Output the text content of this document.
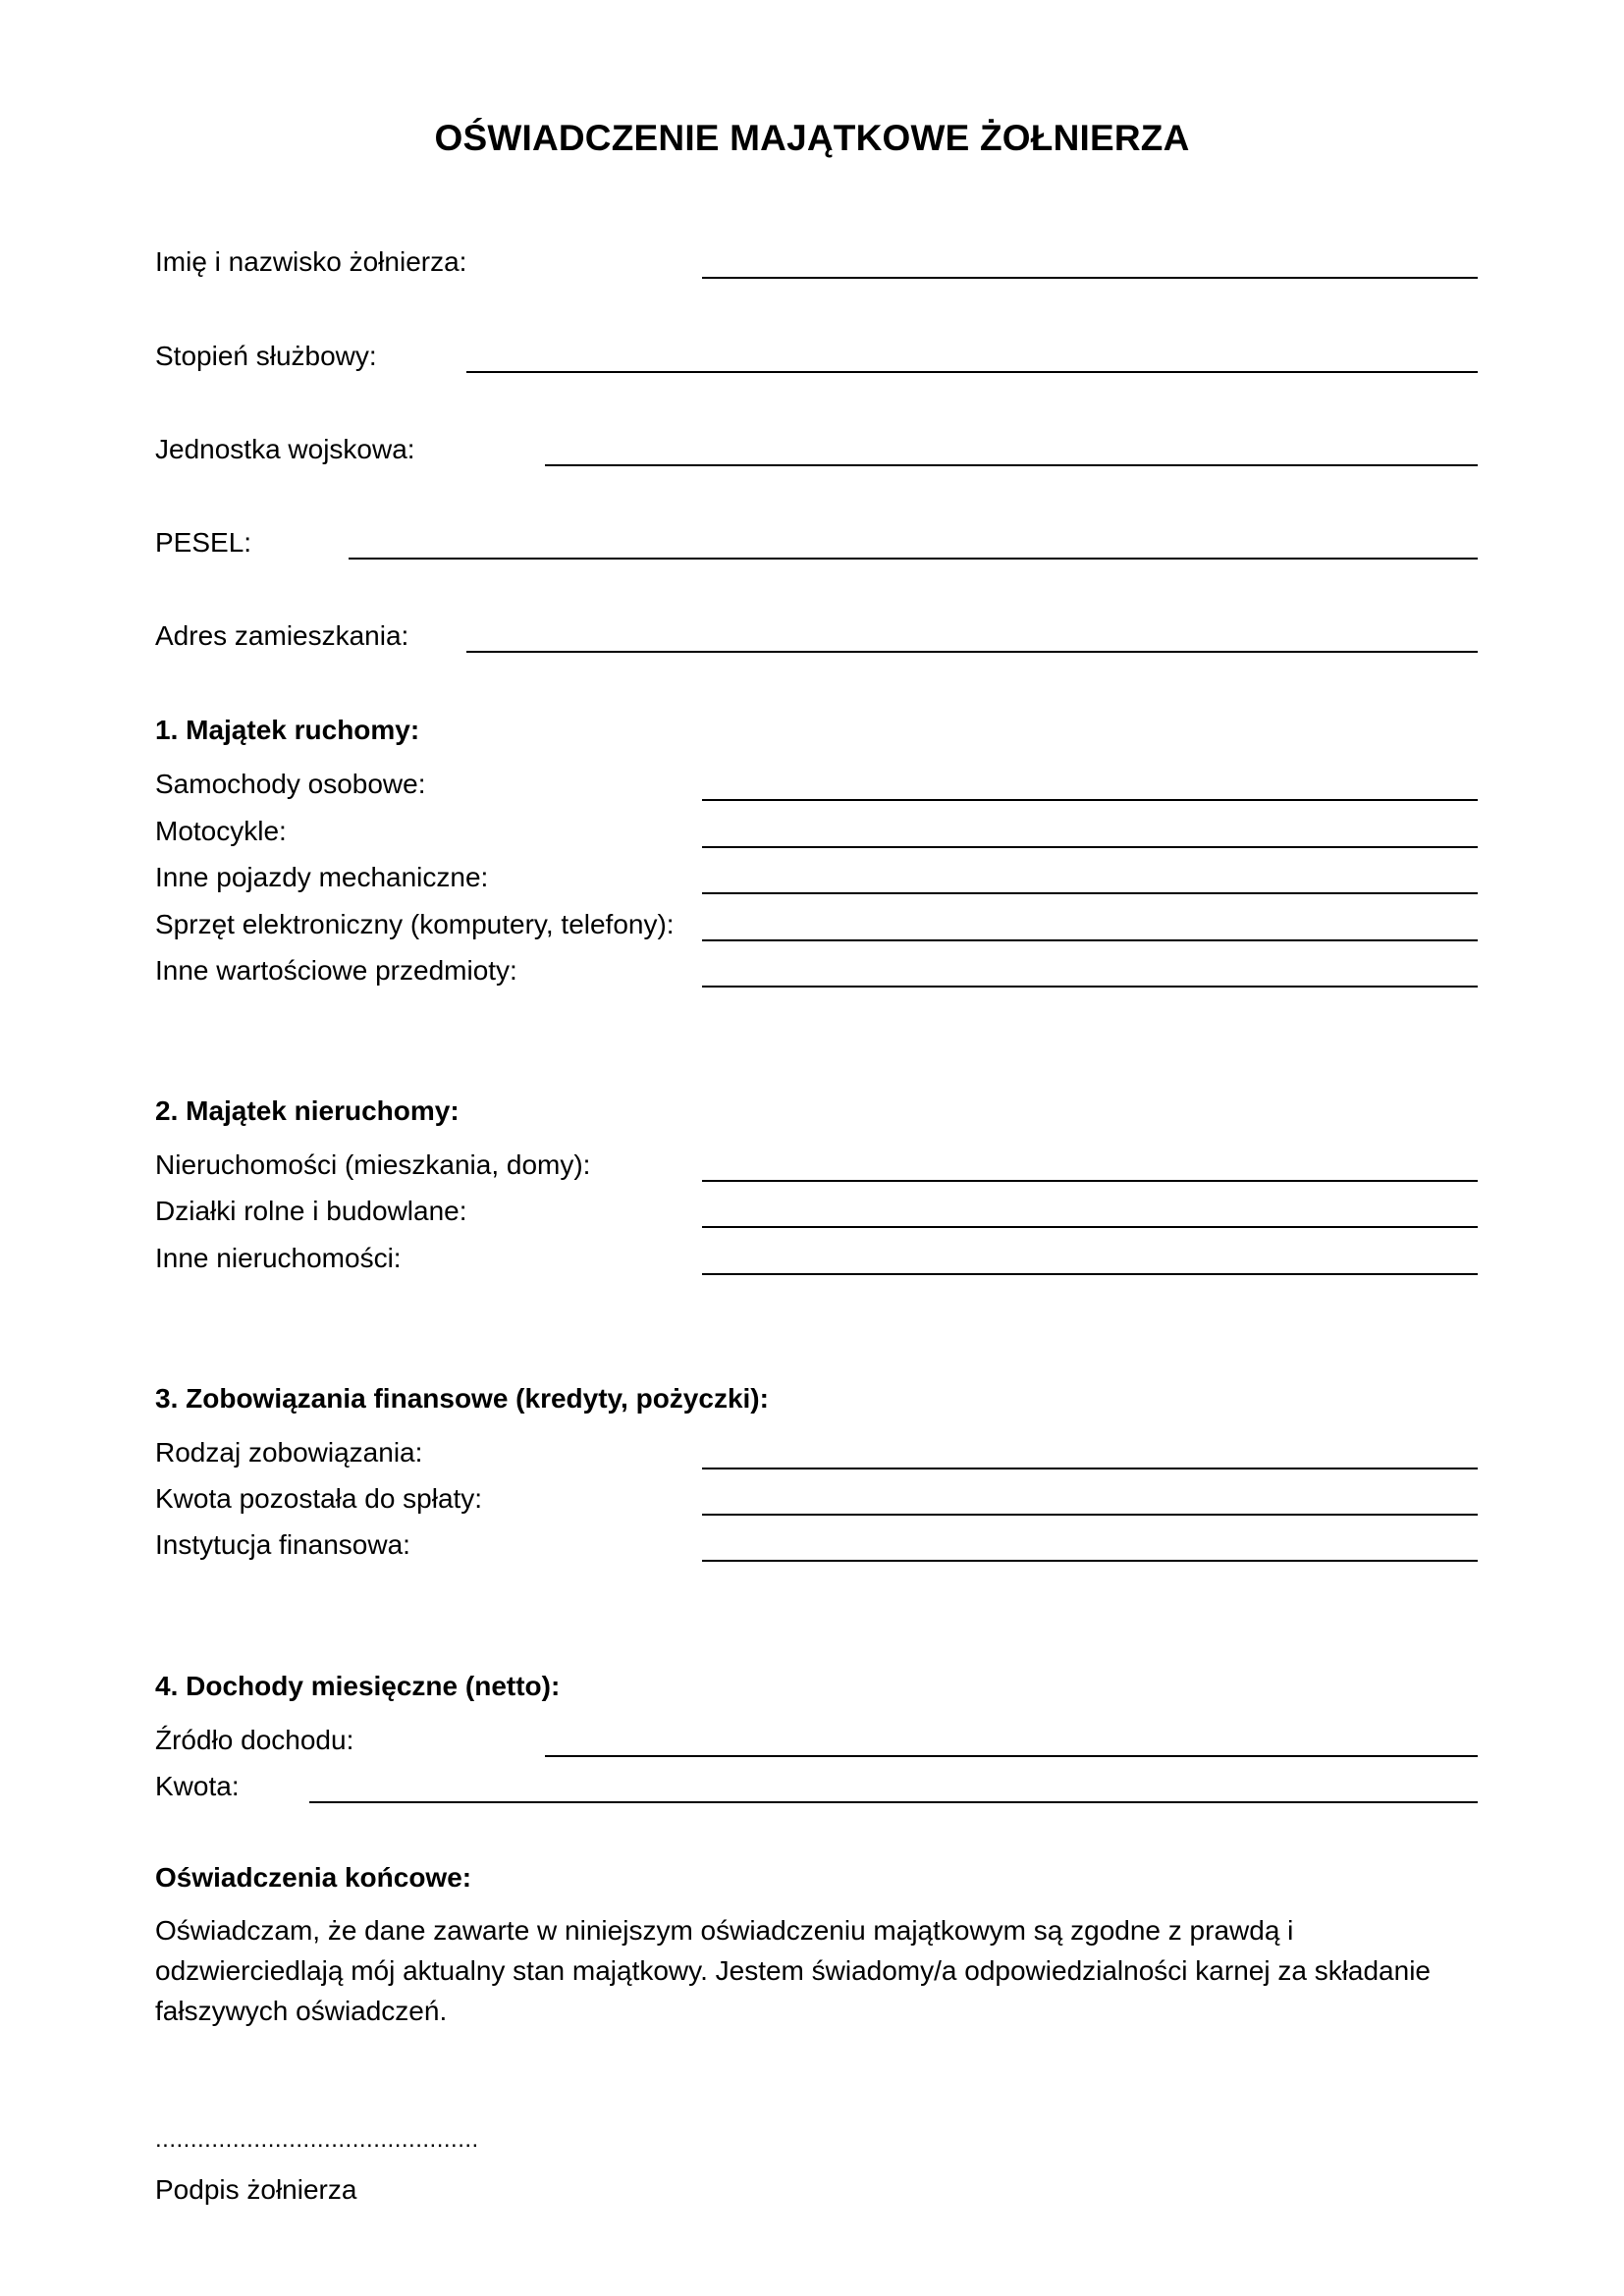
OŚWIADCZENIE MAJĄTKOWE ŻOŁNIERZA
Imię i nazwisko żołnierza:
Stopień służbowy:
Jednostka wojskowa:
PESEL:
Adres zamieszkania:
1. Majątek ruchomy:
Samochody osobowe:
Motocykle:
Inne pojazdy mechaniczne:
Sprzęt elektroniczny (komputery, telefony):
Inne wartościowe przedmioty:
2. Majątek nieruchomy:
Nieruchomości (mieszkania, domy):
Działki rolne i budowlane:
Inne nieruchomości:
3. Zobowiązania finansowe (kredyty, pożyczki):
Rodzaj zobowiązania:
Kwota pozostała do spłaty:
Instytucja finansowa:
4. Dochody miesięczne (netto):
Źródło dochodu:
Kwota:
Oświadczenia końcowe:
Oświadczam, że dane zawarte w niniejszym oświadczeniu majątkowym są zgodne z prawdą i odzwierciedlają mój aktualny stan majątkowy. Jestem świadomy/a odpowiedzialności karnej za składanie fałszywych oświadczeń.
..............................................
Podpis żołnierza
